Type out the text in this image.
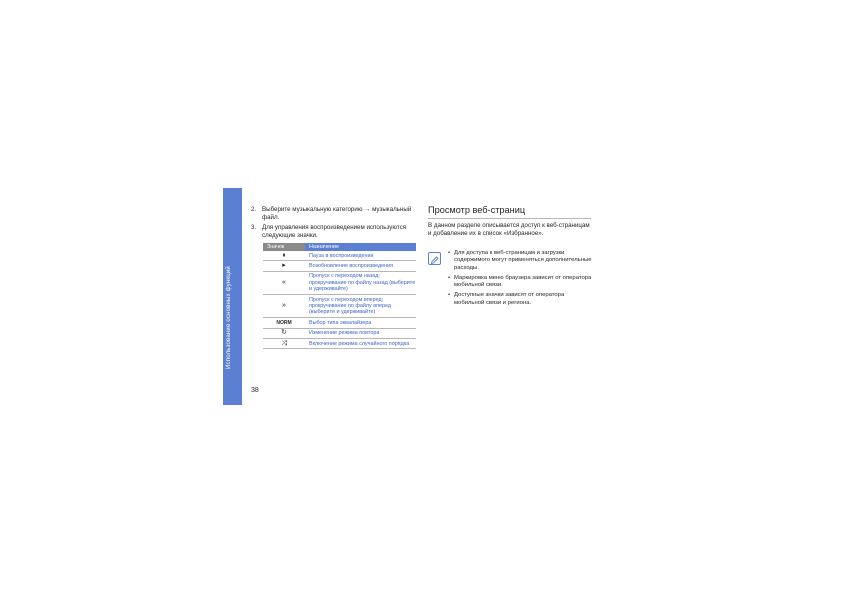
Использование основных функций
38
2. Выберите музыкальную категорию → музыкальный файл.
3. Для управления воспроизведением используются следующие значки.
Значок	Назначение
⏸	Пауза в воспроизведении
▸	Возобновление воспроизведения
«	Пропуск с переходом назад; прокручивание по файлу назад (выберите и удерживайте)
»	Пропуск с переходом вперед; прокручивание по файлу вперед (выберите и удерживайте)
NORM	Выбор типа эквалайзера
↻	Изменение режима повтора
⤨	Включение режима случайного порядка
Просмотр веб-страниц
В данном разделе описывается доступ к веб-страницам и добавление их в список «Избранное».
• Для доступа к веб-страницам и загрузки содержимого могут применяться дополнительные расходы.
• Маркировка меню браузера зависит от оператора мобильной связи.
• Доступные значки зависят от оператора мобильной связи и региона.
